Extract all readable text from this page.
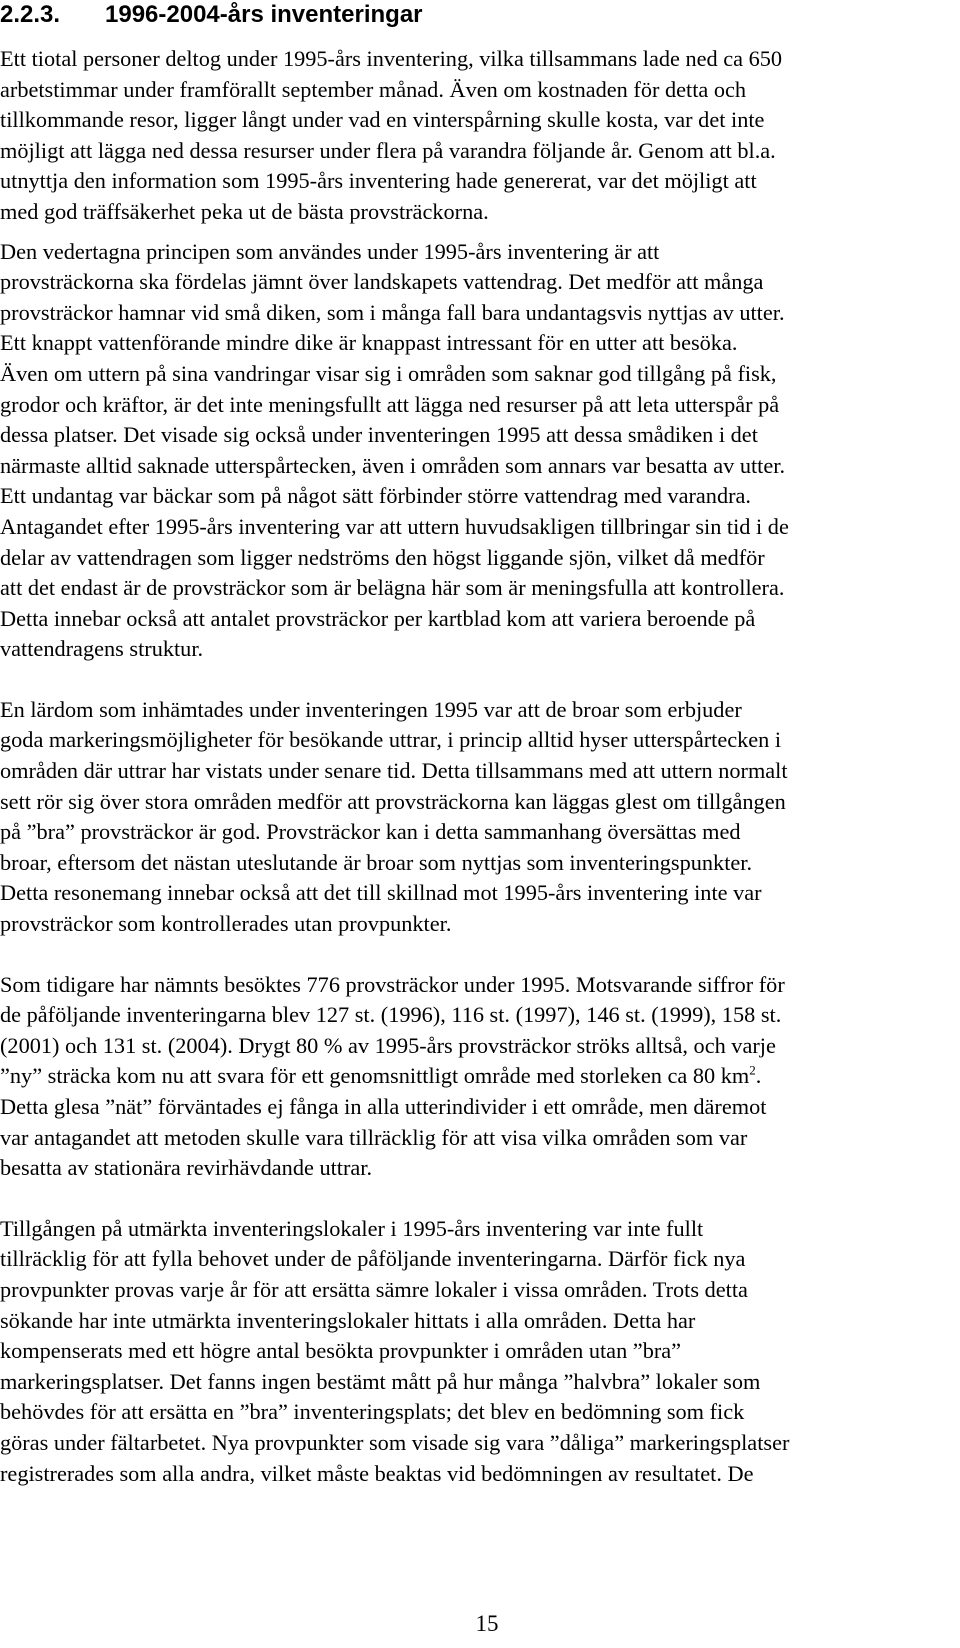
2.2.3. 1996-2004-års inventeringar
Ett tiotal personer deltog under 1995-års inventering, vilka tillsammans lade ned ca 650
arbetstimmar under framförallt september månad. Även om kostnaden för detta och
tillkommande resor, ligger långt under vad en vinterspårning skulle kosta, var det inte
möjligt att lägga ned dessa resurser under flera på varandra följande år. Genom att bl.a.
utnyttja den information som 1995-års inventering hade genererat, var det möjligt att
med god träffsäkerhet peka ut de bästa provsträckorna.
Den vedertagna principen som användes under 1995-års inventering är att
provsträckorna ska fördelas jämnt över landskapets vattendrag. Det medför att många
provsträckor hamnar vid små diken, som i många fall bara undantagsvis nyttjas av utter.
Ett knappt vattenförande mindre dike är knappast intressant för en utter att besöka.
Även om uttern på sina vandringar visar sig i områden som saknar god tillgång på fisk,
grodor och kräftor, är det inte meningsfullt att lägga ned resurser på att leta utterspår på
dessa platser. Det visade sig också under inventeringen 1995 att dessa smådiken i det
närmaste alltid saknade utterspårtecken, även i områden som annars var besatta av utter.
Ett undantag var bäckar som på något sätt förbinder större vattendrag med varandra.
Antagandet efter 1995-års inventering var att uttern huvudsakligen tillbringar sin tid i de
delar av vattendragen som ligger nedströms den högst liggande sjön, vilket då medför
att det endast är de provsträckor som är belägna här som är meningsfulla att kontrollera.
Detta innebar också att antalet provsträckor per kartblad kom att variera beroende på
vattendragens struktur.
En lärdom som inhämtades under inventeringen 1995 var att de broar som erbjuder
goda markeringsmöjligheter för besökande uttrar, i princip alltid hyser utterspårtecken i
områden där uttrar har vistats under senare tid. Detta tillsammans med att uttern normalt
sett rör sig över stora områden medför att provsträckorna kan läggas glest om tillgången
på ”bra” provsträckor är god. Provsträckor kan i detta sammanhang översättas med
broar, eftersom det nästan uteslutande är broar som nyttjas som inventeringspunkter.
Detta resonemang innebar också att det till skillnad mot 1995-års inventering inte var
provsträckor som kontrollerades utan provpunkter.
Som tidigare har nämnts besöktes 776 provsträckor under 1995. Motsvarande siffror för
de påföljande inventeringarna blev 127 st. (1996), 116 st. (1997), 146 st. (1999), 158 st.
(2001) och 131 st. (2004). Drygt 80 % av 1995-års provsträckor ströks alltså, och varje
”ny” sträcka kom nu att svara för ett genomsnittligt område med storleken ca 80 $km^2$.
Detta glesa ”nät” förväntades ej fånga in alla utterindivider i ett område, men däremot
var antagandet att metoden skulle vara tillräcklig för att visa vilka områden som var
besatta av stationära revirhävdande uttrar.
Tillgången på utmärkta inventeringslokaler i 1995-års inventering var inte fullt
tillräcklig för att fylla behovet under de påföljande inventeringarna. Därför fick nya
provpunkter provas varje år för att ersätta sämre lokaler i vissa områden. Trots detta
sökande har inte utmärkta inventeringslokaler hittats i alla områden. Detta har
kompenserats med ett högre antal besökta provpunkter i områden utan ”bra”
markeringsplatser. Det fanns ingen bestämt mått på hur många ”halvbra” lokaler som
behövdes för att ersätta en ”bra” inventeringsplats; det blev en bedömning som fick
göras under fältarbetet. Nya provpunkter som visade sig vara ”dåliga” markeringsplatser
registrerades som alla andra, vilket måste beaktas vid bedömningen av resultatet. De
15
